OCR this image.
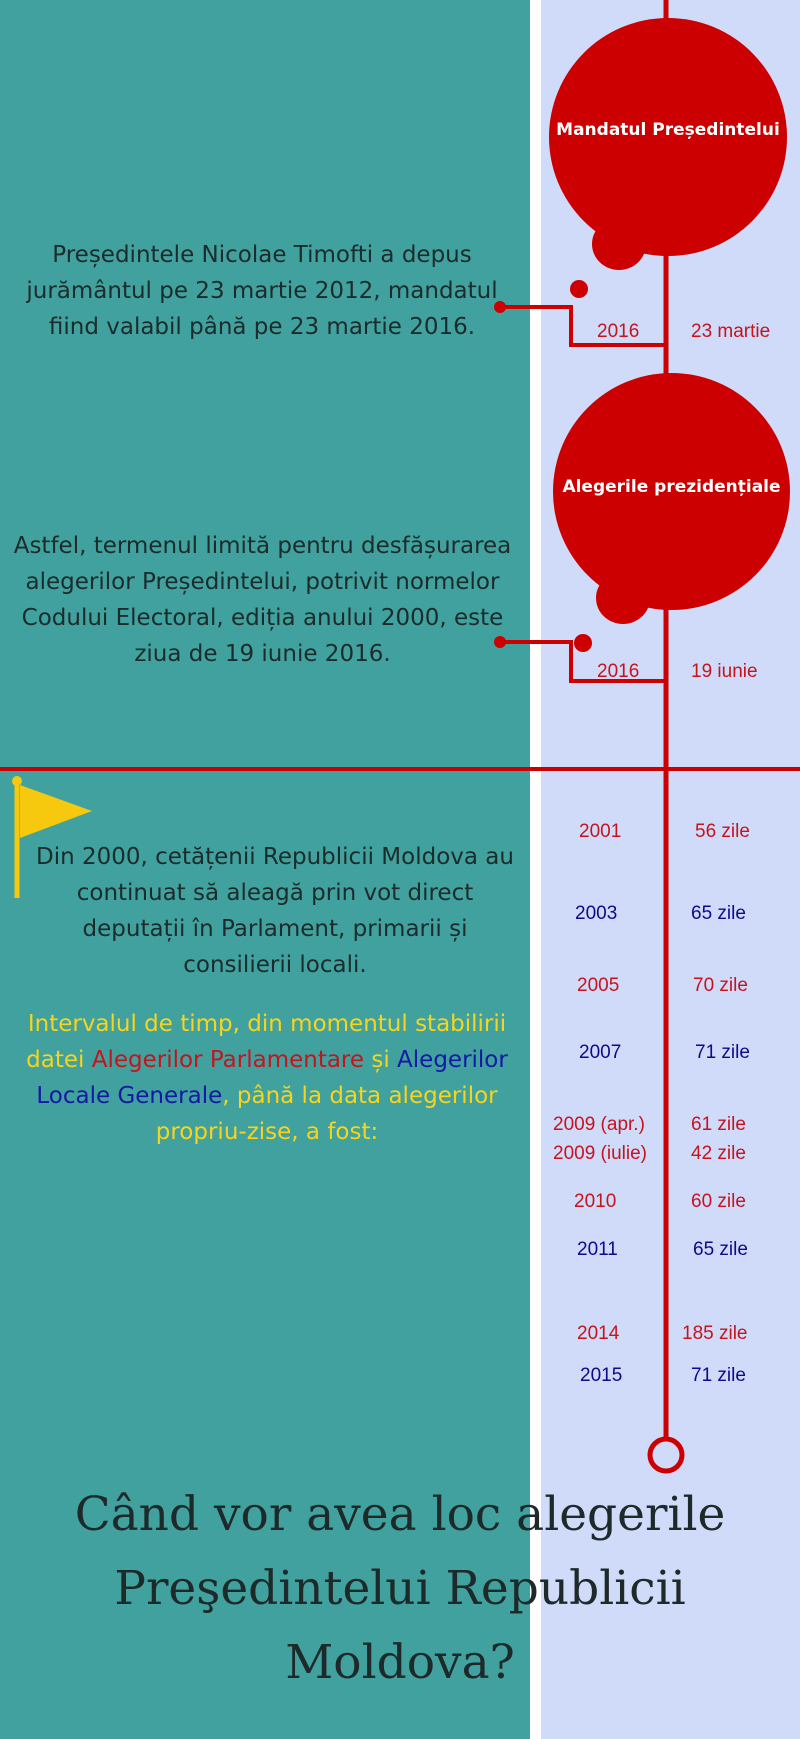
Mandatul Președintelui
Alegerile prezidențiale
Președintele Nicolae Timofti a depus jurământul pe 23 martie 2012, mandatul fiind valabil până pe 23 martie 2016.
Astfel, termenul limită pentru desfășurarea alegerilor Președintelui, potrivit normelor Codului Electoral, ediția anului 2000, este ziua de 19 iunie 2016.
2016	23 martie
2016	19 iunie
Din 2000, cetățenii Republicii Moldova au continuat să aleagă prin vot direct deputații în Parlament, primarii și consilierii locali.
Intervalul de timp, din momentul stabilirii datei Alegerilor Parlamentare și Alegerilor Locale Generale, până la data alegerilor propriu-zise, a fost:
2001	56 zile
2003	65 zile
2005	70 zile
2007	71 zile
2009 (apr.) 61 zile
2009 (iulie) 42 zile
2010	60 zile
2011	65 zile
2014	185 zile
2015	71 zile
Când vor avea loc alegerile Preşedintelui Republicii Moldova?
